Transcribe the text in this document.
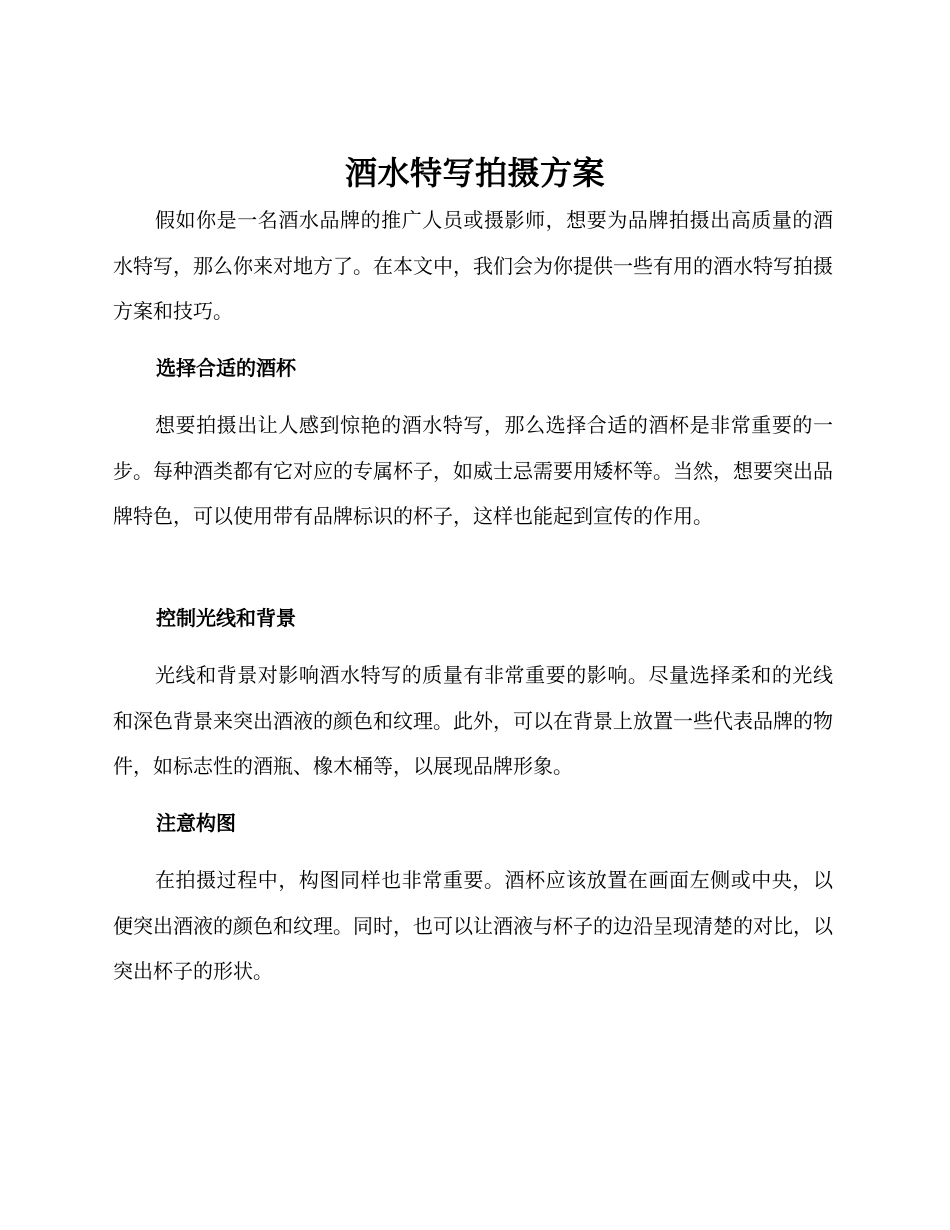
酒水特写拍摄方案

假如你是一名酒水品牌的推广人员或摄影师，想要为品牌拍摄出高质量的酒水特写，那么你来对地方了。在本文中，我们会为你提供一些有用的酒水特写拍摄方案和技巧。

选择合适的酒杯

想要拍摄出让人感到惊艳的酒水特写，那么选择合适的酒杯是非常重要的一步。每种酒类都有它对应的专属杯子，如威士忌需要用矮杯等。当然，想要突出品牌特色，可以使用带有品牌标识的杯子，这样也能起到宣传的作用。

控制光线和背景

光线和背景对影响酒水特写的质量有非常重要的影响。尽量选择柔和的光线和深色背景来突出酒液的颜色和纹理。此外，可以在背景上放置一些代表品牌的物件，如标志性的酒瓶、橡木桶等，以展现品牌形象。

注意构图

在拍摄过程中，构图同样也非常重要。酒杯应该放置在画面左侧或中央，以便突出酒液的颜色和纹理。同时，也可以让酒液与杯子的边沿呈现清楚的对比，以突出杯子的形状。
